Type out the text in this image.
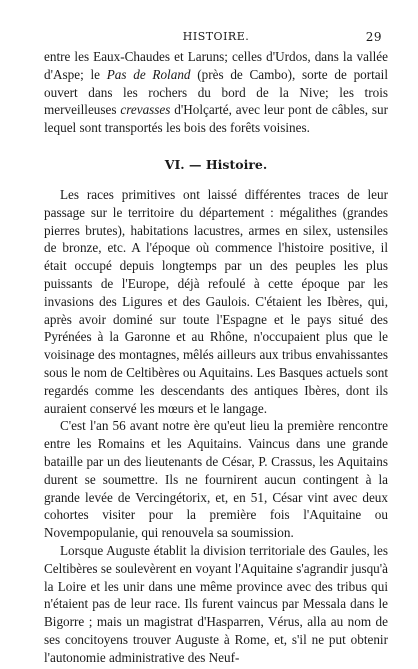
HISTOIRE.	29

entre les Eaux-Chaudes et Laruns; celles d'Urdos, dans la vallée d'Aspe; le Pas de Roland (près de Cambo), sorte de portail ouvert dans les rochers du bord de la Nive; les trois merveilleuses crevasses d'Holçarté, avec leur pont de câbles, sur lequel sont transportés les bois des forêts voisines.

VI. — Histoire.

Les races primitives ont laissé différentes traces de leur passage sur le territoire du département : mégalithes (grandes pierres brutes), habitations lacustres, armes en silex, ustensiles de bronze, etc. A l'époque où commence l'histoire positive, il était occupé depuis longtemps par un des peuples les plus puissants de l'Europe, déjà refoulé à cette époque par les invasions des Ligures et des Gaulois. C'étaient les Ibères, qui, après avoir dominé sur toute l'Espagne et le pays situé des Pyrénées à la Garonne et au Rhône, n'occupaient plus que le voisinage des montagnes, mêlés ailleurs aux tribus envahissantes sous le nom de Celtibères ou Aquitains. Les Basques actuels sont regardés comme les descendants des antiques Ibères, dont ils auraient conservé les mœurs et le langage.

C'est l'an 56 avant notre ère qu'eut lieu la première rencontre entre les Romains et les Aquitains. Vaincus dans une grande bataille par un des lieutenants de César, P. Crassus, les Aquitains durent se soumettre. Ils ne fournirent aucun contingent à la grande levée de Vercingétorix, et, en 51, César vint avec deux cohortes visiter pour la première fois l'Aquitaine ou Novempopulanie, qui renouvela sa soumission.

Lorsque Auguste établit la division territoriale des Gaules, les Celtibères se soulevèrent en voyant l'Aquitaine s'agrandir jusqu'à la Loire et les unir dans une même province avec des tribus qui n'étaient pas de leur race. Ils furent vaincus par Messala dans le Bigorre ; mais un magistrat d'Hasparren, Vérus, alla au nom de ses concitoyens trouver Auguste à Rome, et, s'il ne put obtenir l'autonomie administrative des Neuf-
